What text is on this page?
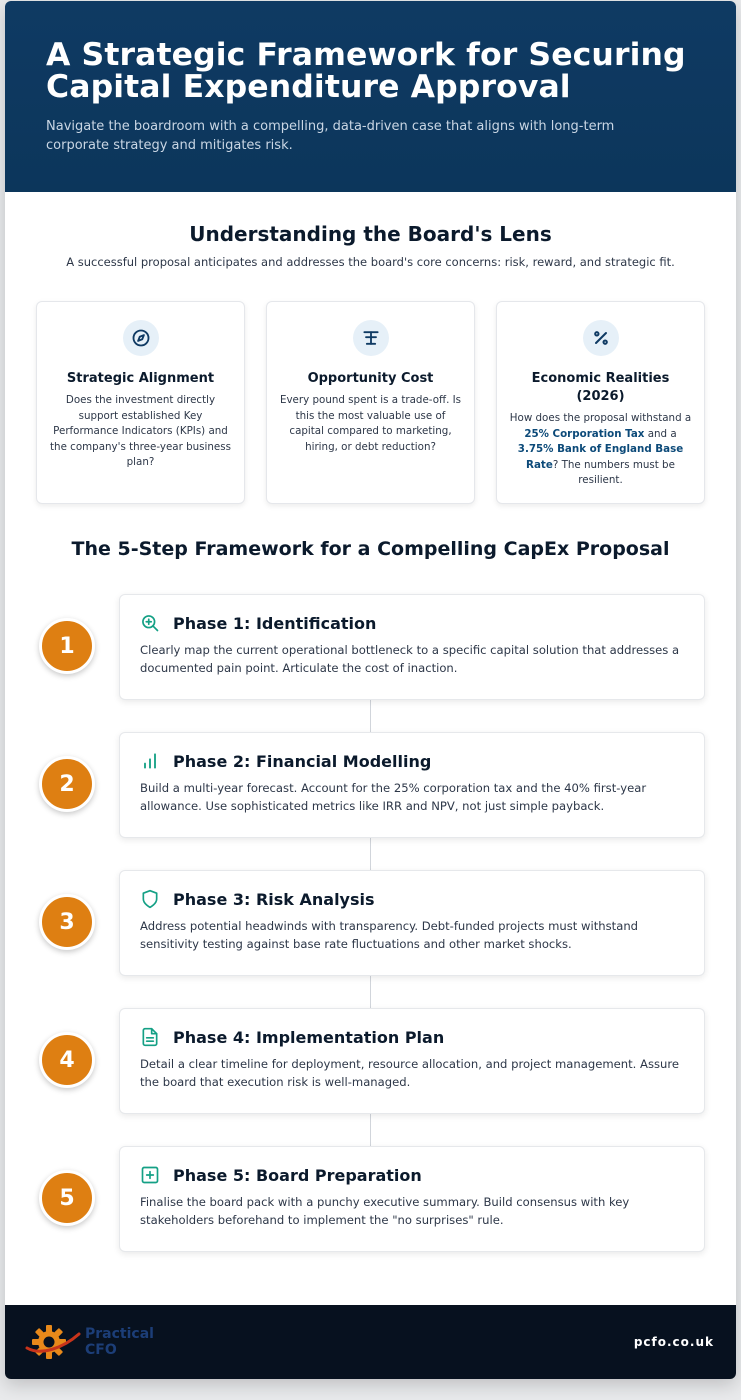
A Strategic Framework for Securing Capital Expenditure Approval

Navigate the boardroom with a compelling, data-driven case that aligns with long-term corporate strategy and mitigates risk.

Understanding the Board's Lens
A successful proposal anticipates and addresses the board's core concerns: risk, reward, and strategic fit.
Strategic Alignment
Does the investment directly support established Key Performance Indicators (KPIs) and the company's three-year business plan?
Opportunity Cost
Every pound spent is a trade-off. Is this the most valuable use of capital compared to marketing, hiring, or debt reduction?
Economic Realities (2026)
How does the proposal withstand a 25% Corporation Tax and a 3.75% Bank of England Base Rate? The numbers must be resilient.
The 5-Step Framework for a Compelling CapEx Proposal
1
Phase 1: Identification
Clearly map the current operational bottleneck to a specific capital solution that addresses a documented pain point. Articulate the cost of inaction.
2
Phase 2: Financial Modelling
Build a multi-year forecast. Account for the 25% corporation tax and the 40% first-year allowance. Use sophisticated metrics like IRR and NPV, not just simple payback.
3
Phase 3: Risk Analysis
Address potential headwinds with transparency. Debt-funded projects must withstand sensitivity testing against base rate fluctuations and other market shocks.
4
Phase 4: Implementation Plan
Detail a clear timeline for deployment, resource allocation, and project management. Assure the board that execution risk is well-managed.
5
Phase 5: Board Preparation
Finalise the board pack with a punchy executive summary. Build consensus with key stakeholders beforehand to implement the "no surprises" rule.
Practical
CFO	pcfo.co.uk
